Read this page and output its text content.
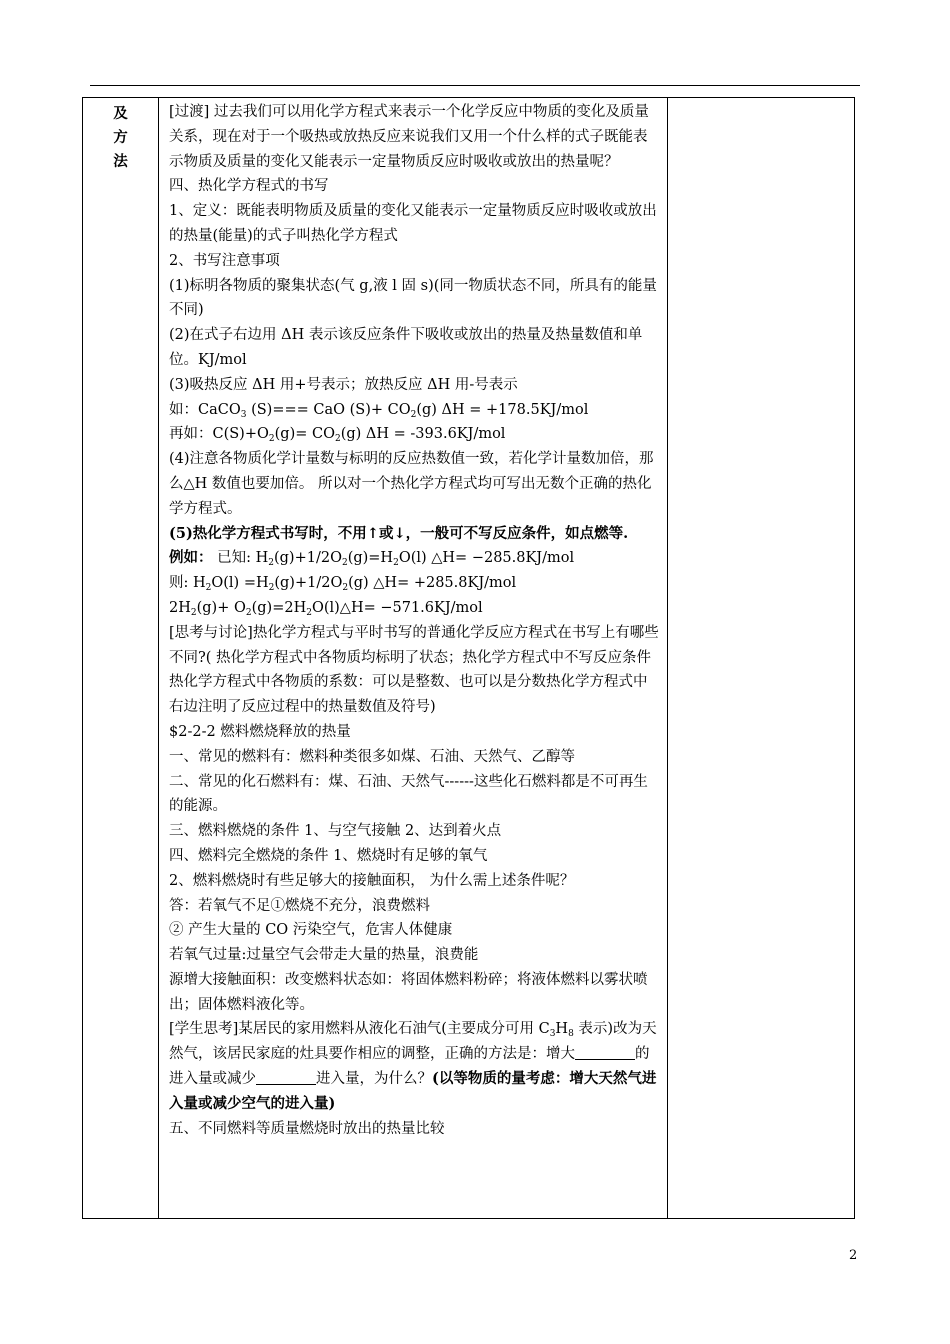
及
方
法

[过渡] 过去我们可以用化学方程式来表示一个化学反应中物质的变化及质量关系，现在对于一个吸热或放热反应来说我们又用一个什么样的式子既能表示物质及质量的变化又能表示一定量物质反应时吸收或放出的热量呢？

四、热化学方程式的书写

1、定义：既能表明物质及质量的变化又能表示一定量物质反应时吸收或放出的热量(能量)的式子叫热化学方程式

2、书写注意事项

(1)标明各物质的聚集状态(气 g,液 l 固 s)(同一物质状态不同，所具有的能量不同)

(2)在式子右边用 ΔH 表示该反应条件下吸收或放出的热量及热量数值和单位。KJ/mol

(3)吸热反应 ΔH 用+号表示；放热反应 ΔH 用-号表示

如：CaCO$_3$ (S)=== CaO $(S)+ CO_2(g) \Delta H = +178.5KJ/mol$

再如：$C(S)+O_2(g)= CO_2(g) \Delta H = -393.6KJ/mol$

(4)注意各物质化学计量数与标明的反应热数值一致，若化学计量数加倍，那么△H 数值也要加倍。 所以对一个热化学方程式均可写出无数个正确的热化学方程式。

(5)热化学方程式书写时，不用↑或↓，一般可不写反应条件，如点燃等.

例如： 已知: $H_2(g)+1/2O_2(g)=H_2O(l)$ △H= −285.8KJ/mol

则: $H_2O(l) =H_2(g)+1/2O_2(g)$ △H= +285.8KJ/mol

$2H_2(g)+$ $O_2(g)=2H_2O(l)\triangle H= -571.6KJ/mol$

[思考与讨论]热化学方程式与平时书写的普通化学反应方程式在书写上有哪些不同?( 热化学方程式中各物质均标明了状态；热化学方程式中不写反应条件热化学方程式中各物质的系数：可以是整数、也可以是分数热化学方程式中右边注明了反应过程中的热量数值及符号)

$2-2-2 燃料燃烧释放的热量

一、常见的燃料有：燃料种类很多如煤、石油、天然气、乙醇等

二、常见的化石燃料有：煤、石油、天然气------这些化石燃料都是不可再生的能源。

三、燃料燃烧的条件 1、与空气接触 2、达到着火点

四、燃料完全燃烧的条件 1、燃烧时有足够的氧气

2、燃料燃烧时有些足够大的接触面积， 为什么需上述条件呢？

答：若氧气不足①燃烧不充分，浪费燃料

② 产生大量的 CO 污染空气，危害人体健康

若氧气过量:过量空气会带走大量的热量，浪费能

源增大接触面积：改变燃料状态如：将固体燃料粉碎；将液体燃料以雾状喷出；固体燃料液化等。

[学生思考]某居民的家用燃料从液化石油气(主要成分可用 $C_3H_8$ 表示)改为天然气，该居民家庭的灶具要作相应的调整，正确的方法是：增大	的进入量或减少	进入量，为什么？(以等物质的量考虑：增大天然气进入量或减少空气的进入量)

五、不同燃料等质量燃烧时放出的热量比较

2
